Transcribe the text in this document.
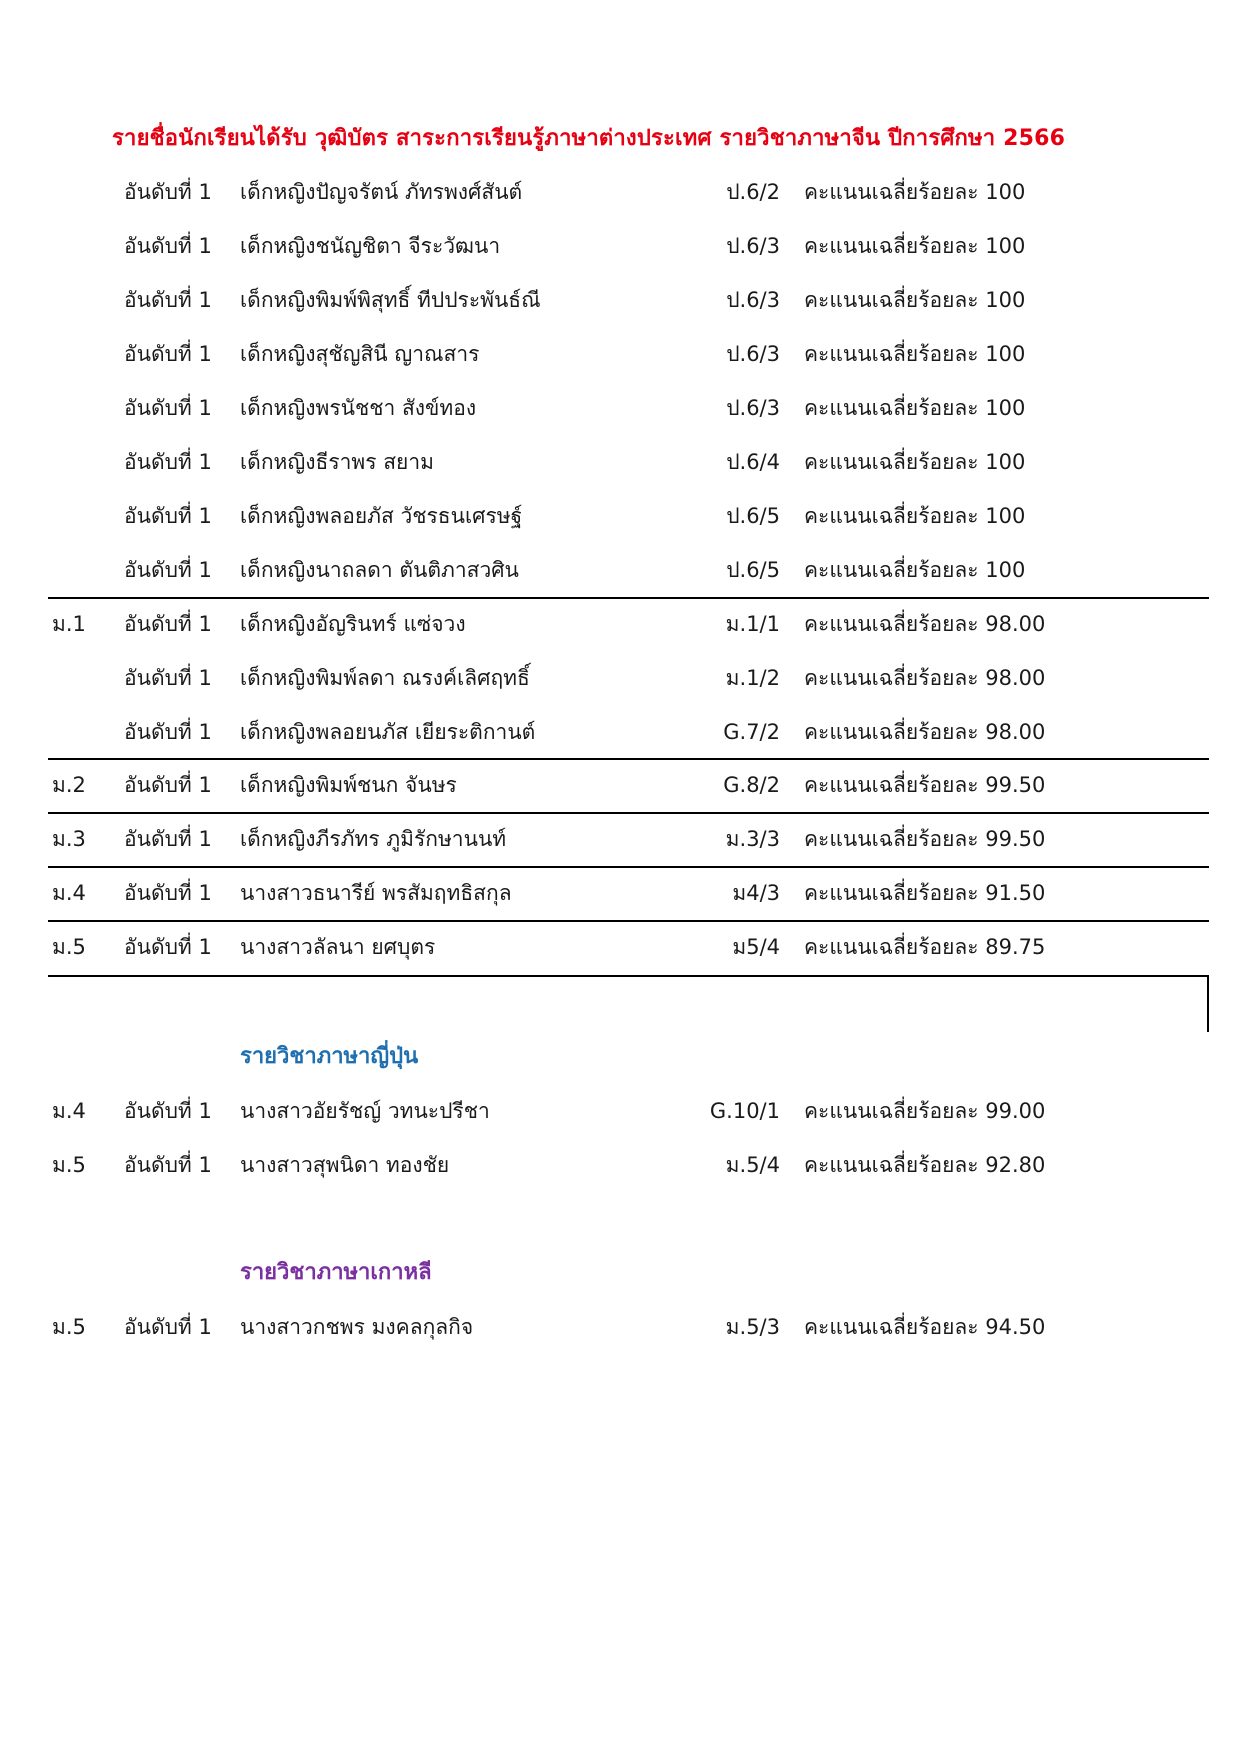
รายชื่อนักเรียนได้รับ วุฒิบัตร สาระการเรียนรู้ภาษาต่างประเทศ รายวิชาภาษาจีน ปีการศึกษา 2566
อันดับที่ 1 เด็กหญิงปัญจรัตน์ ภัทรพงศ์สันต์	ป.6/2 คะแนนเฉลี่ยร้อยละ 100
อันดับที่ 1 เด็กหญิงชนัญชิตา จีระวัฒนา	ป.6/3 คะแนนเฉลี่ยร้อยละ 100
อันดับที่ 1 เด็กหญิงพิมพ์พิสุทธิ์ ทีปประพันธ์ณี	ป.6/3 คะแนนเฉลี่ยร้อยละ 100
อันดับที่ 1 เด็กหญิงสุชัญสินี ญาณสาร	ป.6/3 คะแนนเฉลี่ยร้อยละ 100
อันดับที่ 1 เด็กหญิงพรนัชชา สังข์ทอง	ป.6/3 คะแนนเฉลี่ยร้อยละ 100
อันดับที่ 1 เด็กหญิงธีราพร สยาม	ป.6/4 คะแนนเฉลี่ยร้อยละ 100
อันดับที่ 1 เด็กหญิงพลอยภัส วัชรธนเศรษฐ์	ป.6/5 คะแนนเฉลี่ยร้อยละ 100
อันดับที่ 1 เด็กหญิงนาถลดา ตันติภาสวศิน	ป.6/5 คะแนนเฉลี่ยร้อยละ 100
ม.1 อันดับที่ 1 เด็กหญิงอัญรินทร์ แซ่จวง	ม.1/1 คะแนนเฉลี่ยร้อยละ 98.00
อันดับที่ 1 เด็กหญิงพิมพ์ลดา ณรงค์เลิศฤทธิ์	ม.1/2 คะแนนเฉลี่ยร้อยละ 98.00
อันดับที่ 1 เด็กหญิงพลอยนภัส เยียระติกานต์	G.7/2 คะแนนเฉลี่ยร้อยละ 98.00
ม.2 อันดับที่ 1 เด็กหญิงพิมพ์ชนก จันษร	G.8/2 คะแนนเฉลี่ยร้อยละ 99.50
ม.3 อันดับที่ 1 เด็กหญิงภีรภัทร ภูมิรักษานนท์	ม.3/3 คะแนนเฉลี่ยร้อยละ 99.50
ม.4 อันดับที่ 1 นางสาวธนารีย์ พรสัมฤทธิสกุล	ม4/3 คะแนนเฉลี่ยร้อยละ 91.50
ม.5 อันดับที่ 1 นางสาวลัลนา ยศบุตร	ม5/4 คะแนนเฉลี่ยร้อยละ 89.75
รายวิชาภาษาญี่ปุ่น
ม.4 อันดับที่ 1 นางสาวอัยรัชญ์ วทนะปรีชา	G.10/1 คะแนนเฉลี่ยร้อยละ 99.00
ม.5 อันดับที่ 1 นางสาวสุพนิดา ทองชัย	ม.5/4 คะแนนเฉลี่ยร้อยละ 92.80
รายวิชาภาษาเกาหลี
ม.5 อันดับที่ 1 นางสาวกชพร มงคลกุลกิจ	ม.5/3 คะแนนเฉลี่ยร้อยละ 94.50
